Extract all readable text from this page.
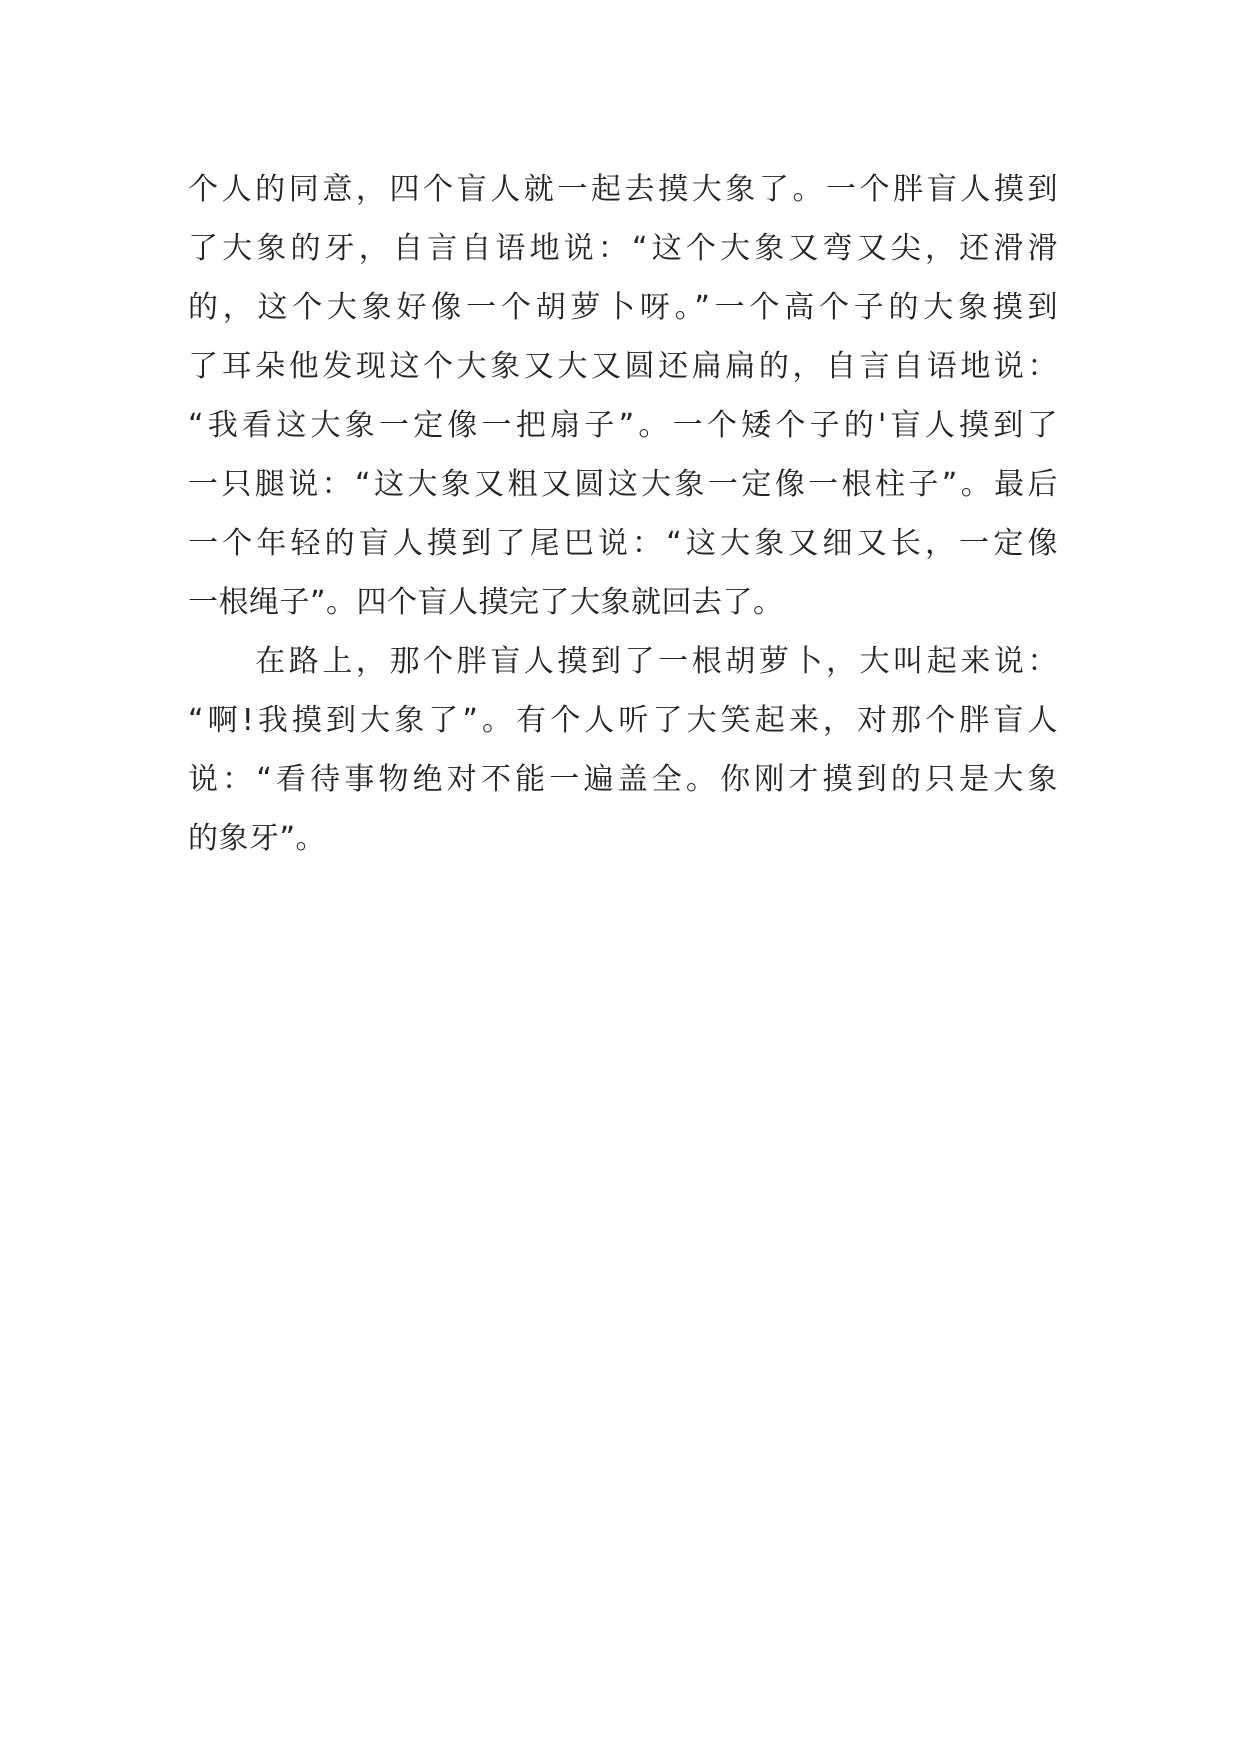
个人的同意，四个盲人就一起去摸大象了。一个胖盲人摸到
了大象的牙，自言自语地说：“这个大象又弯又尖，还滑滑
的，这个大象好像一个胡萝卜呀。”一个高个子的大象摸到
了耳朵他发现这个大象又大又圆还扁扁的，自言自语地说：
“我看这大象一定像一把扇子”。一个矮个子的'盲人摸到了
一只腿说：“这大象又粗又圆这大象一定像一根柱子”。最后
一个年轻的盲人摸到了尾巴说：“这大象又细又长，一定像
一根绳子”。四个盲人摸完了大象就回去了。
　　在路上，那个胖盲人摸到了一根胡萝卜，大叫起来说：
“啊!我摸到大象了”。有个人听了大笑起来，对那个胖盲人
说：“看待事物绝对不能一遍盖全。你刚才摸到的只是大象
的象牙”。
